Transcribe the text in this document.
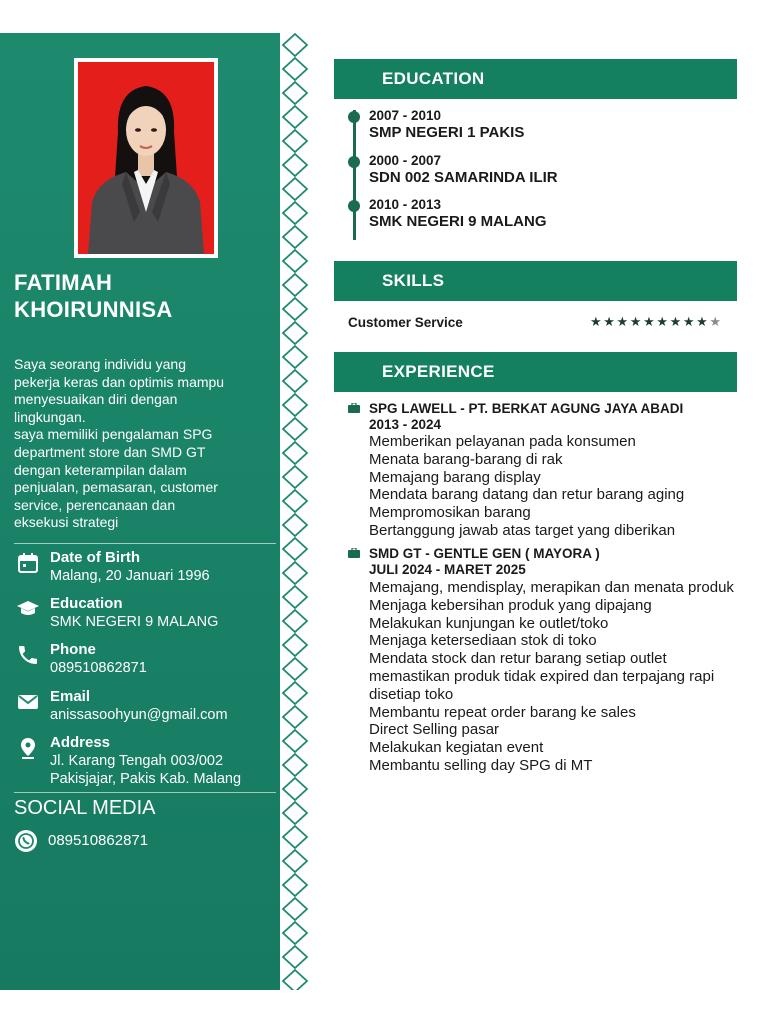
FATIMAH
KHOIRUNNISA
Saya seorang individu yang
pekerja keras dan optimis mampu
menyesuaikan diri dengan
lingkungan.
saya memiliki pengalaman SPG
department store dan SMD GT
dengan keterampilan dalam
penjualan, pemasaran, customer
service, perencanaan dan
eksekusi strategi
Date of Birth
Malang, 20 Januari 1996
Education
SMK NEGERI 9 MALANG
Phone
089510862871
Email
anissasoohyun@gmail.com
Address
Jl. Karang Tengah 003/002
Pakisjajar, Pakis Kab. Malang
SOCIAL MEDIA
089510862871
EDUCATION
2007 - 2010
SMP NEGERI 1 PAKIS
2000 - 2007
SDN 002 SAMARINDA ILIR
2010 - 2013
SMK NEGERI 9 MALANG
SKILLS
Customer Service	★★★★★★★★★★
EXPERIENCE
SPG LAWELL - PT. BERKAT AGUNG JAYA ABADI
2013 - 2024
Memberikan pelayanan pada konsumen
Menata barang-barang di rak
Memajang barang display
Mendata barang datang dan retur barang aging
Mempromosikan barang
Bertanggung jawab atas target yang diberikan
SMD GT - GENTLE GEN ( MAYORA )
JULI 2024 - MARET 2025
Memajang, mendisplay, merapikan dan menata produk
Menjaga kebersihan produk yang dipajang
Melakukan kunjungan ke outlet/toko
Menjaga ketersediaan stok di toko
Mendata stock dan retur barang setiap outlet
memastikan produk tidak expired dan terpajang rapi disetiap toko
Membantu repeat order barang ke sales
Direct Selling pasar
Melakukan kegiatan event
Membantu selling day SPG di MT
